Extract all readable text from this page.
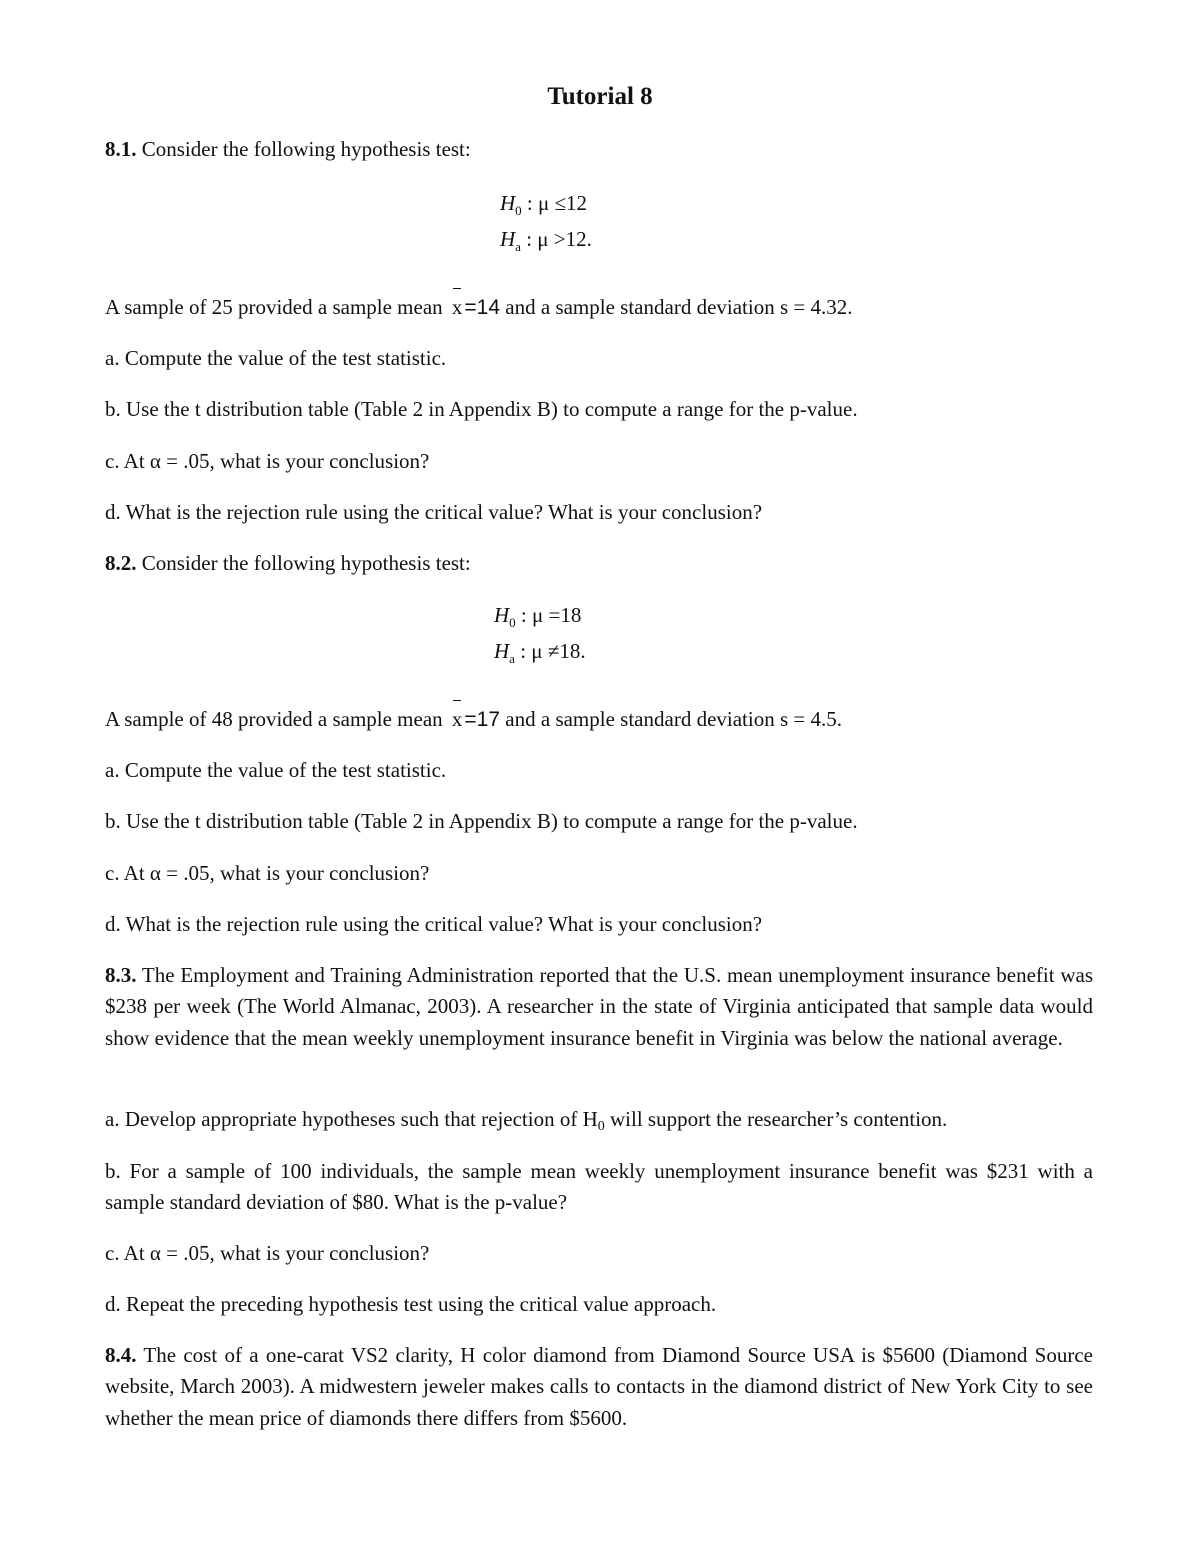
Tutorial 8
8.1. Consider the following hypothesis test:
$H_0$ : μ ≤12
$H_a$ : μ >12.
A sample of 25 provided a sample mean x=14 and a sample standard deviation s = 4.32.
a. Compute the value of the test statistic.
b. Use the t distribution table (Table 2 in Appendix B) to compute a range for the p-value.
c. At α = .05, what is your conclusion?
d. What is the rejection rule using the critical value? What is your conclusion?
8.2. Consider the following hypothesis test:
$H_0$ : μ =18
$H_a$ : μ ≠18.
A sample of 48 provided a sample mean x=17 and a sample standard deviation s = 4.5.
a. Compute the value of the test statistic.
b. Use the t distribution table (Table 2 in Appendix B) to compute a range for the p-value.
c. At α = .05, what is your conclusion?
d. What is the rejection rule using the critical value? What is your conclusion?
8.3. The Employment and Training Administration reported that the U.S. mean unemployment insurance benefit was $238 per week (The World Almanac, 2003). A researcher in the state of Virginia anticipated that sample data would show evidence that the mean weekly unemployment insurance benefit in Virginia was below the national average.
a. Develop appropriate hypotheses such that rejection of $H_0$ will support the researcher’s contention.
b. For a sample of 100 individuals, the sample mean weekly unemployment insurance benefit was $231 with a sample standard deviation of $80. What is the p-value?
c. At α = .05, what is your conclusion?
d. Repeat the preceding hypothesis test using the critical value approach.
8.4. The cost of a one-carat VS2 clarity, H color diamond from Diamond Source USA is $5600 (Diamond Source website, March 2003). A midwestern jeweler makes calls to contacts in the diamond district of New York City to see whether the mean price of diamonds there differs from $5600.
